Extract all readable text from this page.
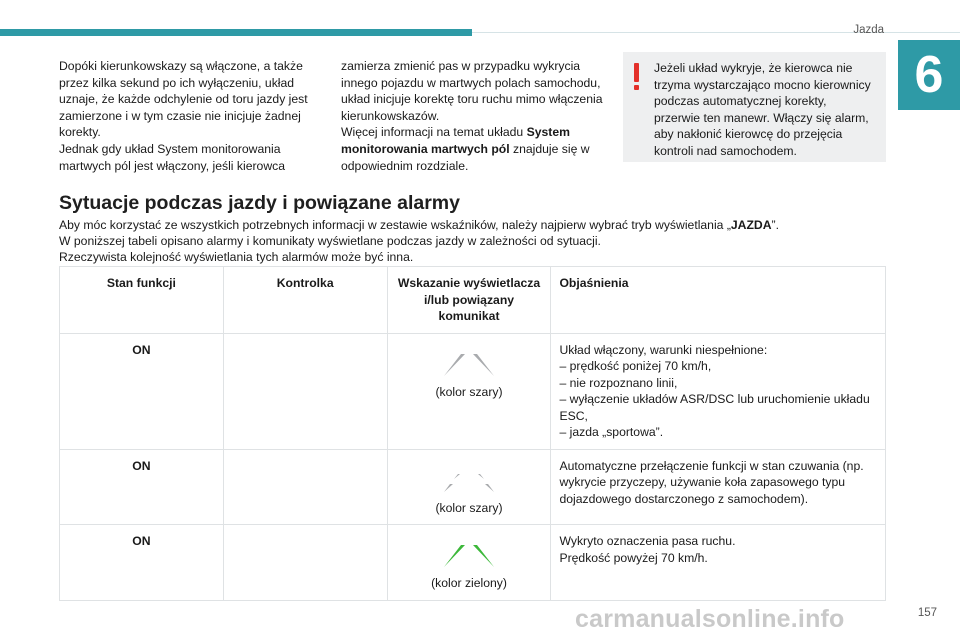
Jazda
6

Dopóki kierunkowskazy są włączone, a także

przez kilka sekund po ich wyłączeniu, układ

uznaje, że każde odchylenie od toru jazdy jest

zamierzone i w tym czasie nie inicjuje żadnej

korekty.

Jednak gdy układ System monitorowania

martwych pól jest włączony, jeśli kierowca

zamierza zmienić pas w przypadku wykrycia innego pojazdu w martwych polach samochodu, układ inicjuje korektę toru ruchu mimo włączenia kierunkowskazów.

Więcej informacji na temat układu System monitorowania martwych pól znajduje się w odpowiednim rozdziale.

Jeżeli układ wykryje, że kierowca nie trzyma wystarczająco mocno kierownicy podczas automatycznej korekty, przerwie ten manewr. Włączy się alarm, aby nakłonić kierowcę do przejęcia kontroli nad samochodem.
Sytuacje podczas jazdy i powiązane alarmy

Aby móc korzystać ze wszystkich potrzebnych informacji w zestawie wskaźników, należy najpierw wybrać tryb wyświetlania „JAZDA”.

W poniższej tabeli opisano alarmy i komunikaty wyświetlane podczas jazdy w zależności od sytuacji.

Rzeczywista kolejność wyświetlania tych alarmów może być inna.

Stan funkcji	Kontrolka	Wskazanie wyświetlacza i/lub powiązany komunikat	Objaśnienia
ON		(kolor szary)	Układ włączony, warunki niespełnione:

– prędkość poniżej 70 km/h,

– nie rozpoznano linii,

– wyłączenie układów ASR/DSC lub uruchomienie układu ESC,

– jazda „sportowa”.

ON		(kolor szary)	Automatyczne przełączenie funkcji w stan czuwania (np. wykrycie przyczepy, używanie koła zapasowego typu dojazdowego dostarczonego z samochodem).

ON		(kolor zielony)	Wykryto oznaczenia pasa ruchu.

Prędkość powyżej 70 km/h.

157
carmanualsonline.info
